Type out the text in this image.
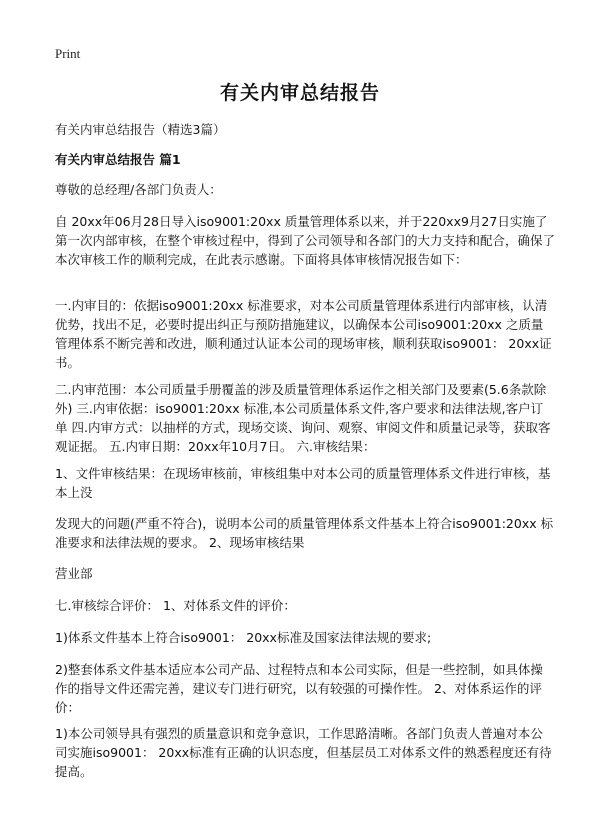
Print
有关内审总结报告

有关内审总结报告（精选3篇）

有关内审总结报告 篇1

尊敬的总经理/各部门负责人：

自 20xx年06月28日导入iso9001:20xx 质量管理体系以来，并于220xx9月27日实施了第一次内部审核，在整个审核过程中，得到了公司领导和各部门的大力支持和配合，确保了本次审核工作的顺利完成，在此表示感谢。下面将具体审核情况报告如下：

一.内审目的：依据iso9001:20xx 标准要求，对本公司质量管理体系进行内部审核，认清优势，找出不足，必要时提出纠正与预防措施建议，以确保本公司iso9001:20xx 之质量管理体系不断完善和改进，顺利通过认证本公司的现场审核，顺利获取iso9001： 20xx证书。

二.内审范围：本公司质量手册覆盖的涉及质量管理体系运作之相关部门及要素(5.6条款除外) 三.内审依据：iso9001:20xx 标准,本公司质量体系文件,客户要求和法律法规,客户订单 四.内审方式：以抽样的方式，现场交谈、询问、观察、审阅文件和质量记录等，获取客观证据。 五.内审日期：20xx年10月7日。 六.审核结果：

1、文件审核结果：在现场审核前，审核组集中对本公司的质量管理体系文件进行审核，基本上没

发现大的问题(严重不符合)，说明本公司的质量管理体系文件基本上符合iso9001:20xx 标准要求和法律法规的要求。 2、现场审核结果

营业部

七.审核综合评价： 1、对体系文件的评价：

1)体系文件基本上符合iso9001： 20xx标准及国家法律法规的要求;

2)整套体系文件基本适应本公司产品、过程特点和本公司实际，但是一些控制，如具体操作的指导文件还需完善，建议专门进行研究，以有较强的可操作性。 2、对体系运作的评价：

1)本公司领导具有强烈的质量意识和竞争意识，工作思路清晰。各部门负责人普遍对本公司实施iso9001： 20xx标准有正确的认识态度，但基层员工对体系文件的熟悉程度还有待提高。
